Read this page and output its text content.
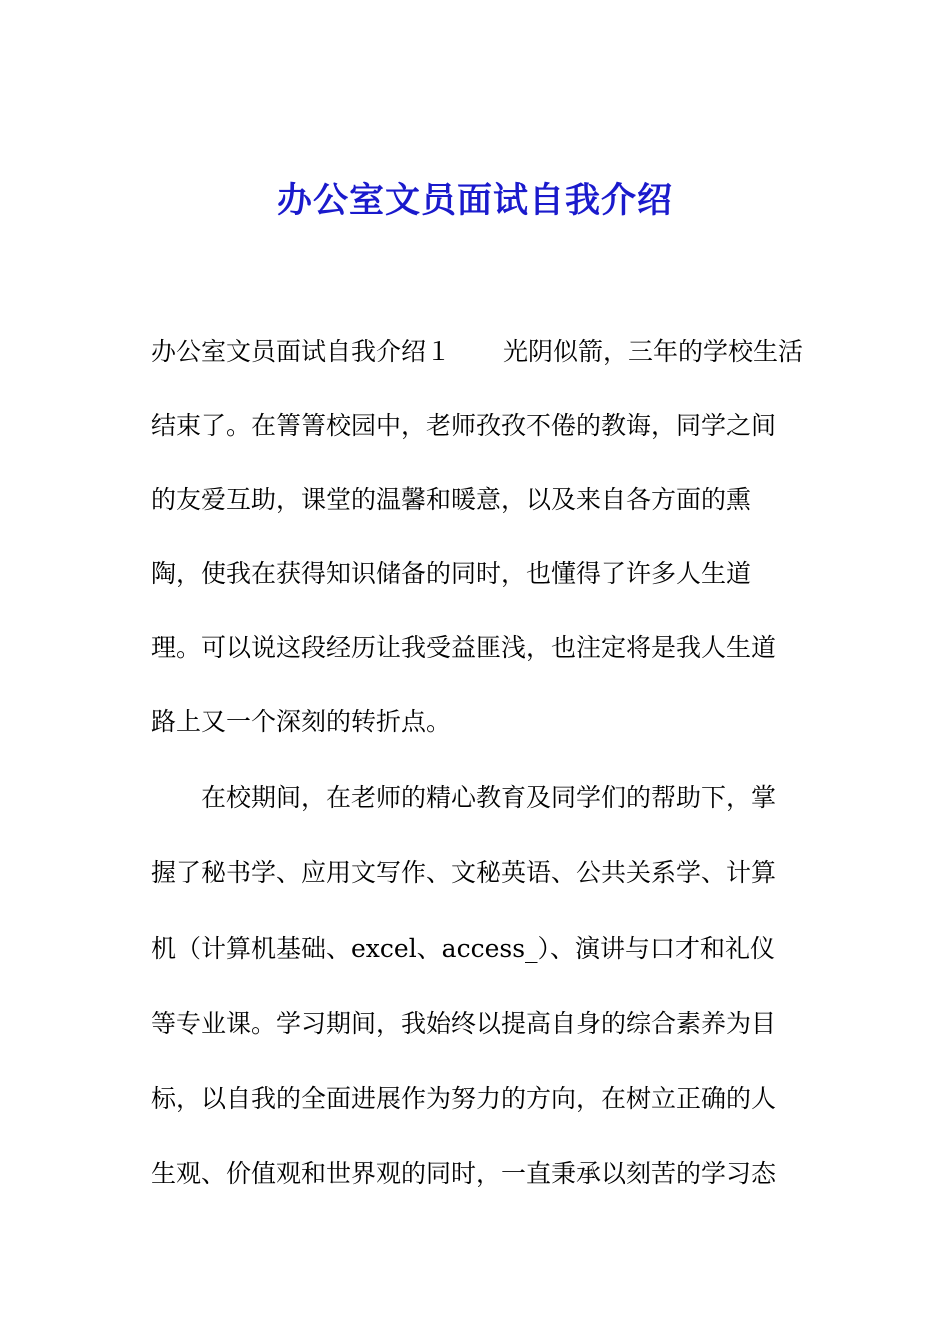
办公室文员面试自我介绍
办公室文员面试自我介绍１ 光阴似箭，三年的学校生活
结束了。在箐箐校园中，老师孜孜不倦的教诲，同学之间
的友爱互助，课堂的温馨和暖意，以及来自各方面的熏
陶，使我在获得知识储备的同时，也懂得了许多人生道
理。可以说这段经历让我受益匪浅，也注定将是我人生道
路上又一个深刻的转折点。
在校期间，在老师的精心教育及同学们的帮助下，掌
握了秘书学、应用文写作、文秘英语、公共关系学、计算
机（计算机基础、excel、access_）、演讲与口才和礼仪
等专业课。学习期间，我始终以提高自身的综合素养为目
标，以自我的全面进展作为努力的方向，在树立正确的人
生观、价值观和世界观的同时，一直秉承以刻苦的学习态
